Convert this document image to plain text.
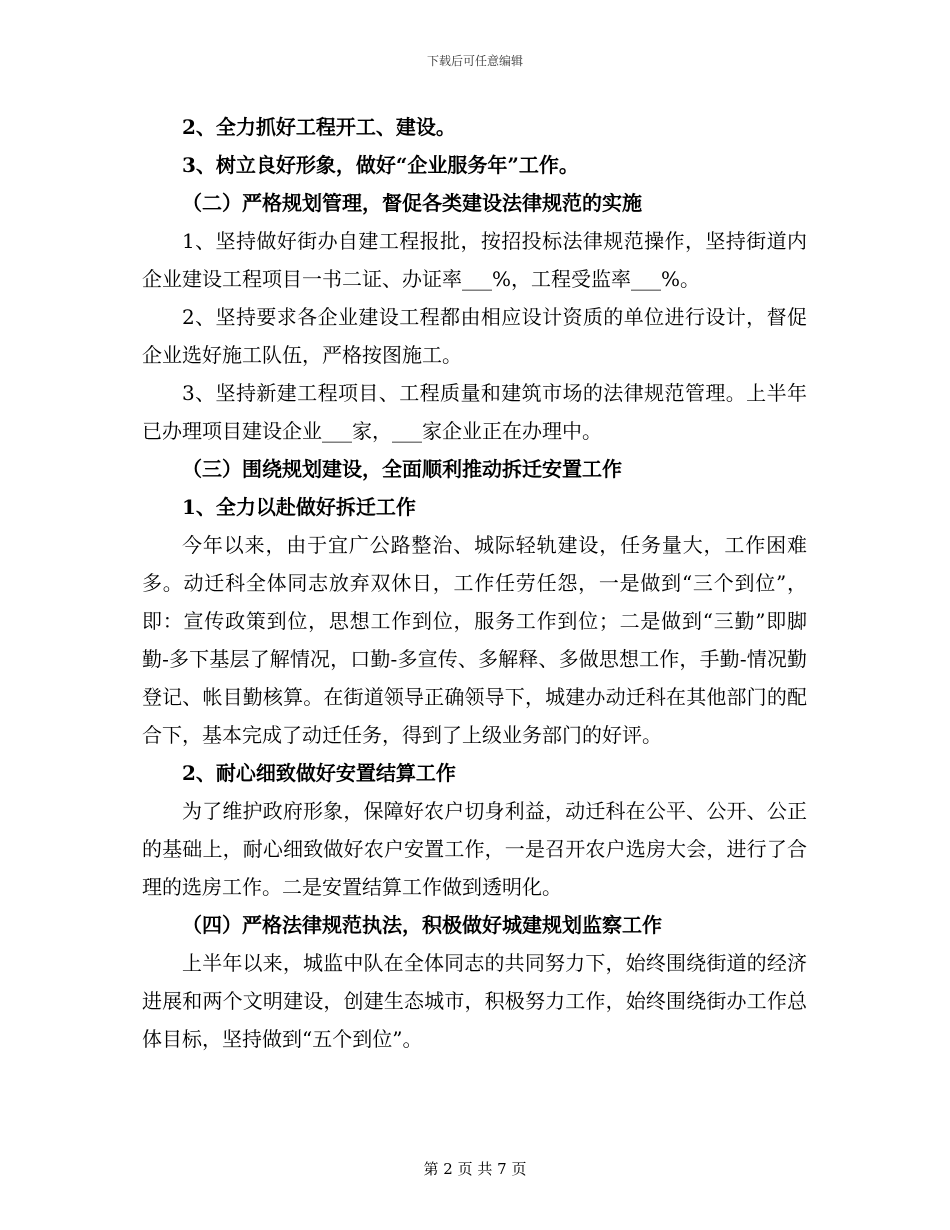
下载后可任意编辑

2、全力抓好工程开工、建设。

3、树立良好形象，做好“企业服务年”工作。

（二）严格规划管理，督促各类建设法律规范的实施

1、坚持做好街办自建工程报批，按招投标法律规范操作，坚持街道内企业建设工程项目一书二证、办证率___%，工程受监率___%。

2、坚持要求各企业建设工程都由相应设计资质的单位进行设计，督促企业选好施工队伍，严格按图施工。

3、坚持新建工程项目、工程质量和建筑市场的法律规范管理。上半年已办理项目建设企业___家，___家企业正在办理中。

（三）围绕规划建设，全面顺利推动拆迁安置工作

1、全力以赴做好拆迁工作

今年以来，由于宜广公路整治、城际轻轨建设，任务量大，工作困难多。动迁科全体同志放弃双休日，工作任劳任怨，一是做到“三个到位”，即：宣传政策到位，思想工作到位，服务工作到位；二是做到“三勤”即脚勤-多下基层了解情况，口勤-多宣传、多解释、多做思想工作，手勤-情况勤登记、帐目勤核算。在街道领导正确领导下，城建办动迁科在其他部门的配合下，基本完成了动迁任务，得到了上级业务部门的好评。

2、耐心细致做好安置结算工作

为了维护政府形象，保障好农户切身利益，动迁科在公平、公开、公正的基础上，耐心细致做好农户安置工作，一是召开农户选房大会，进行了合理的选房工作。二是安置结算工作做到透明化。

（四）严格法律规范执法，积极做好城建规划监察工作

上半年以来，城监中队在全体同志的共同努力下，始终围绕街道的经济进展和两个文明建设，创建生态城市，积极努力工作，始终围绕街办工作总体目标，坚持做到“五个到位”。

第 2 页 共 7 页
